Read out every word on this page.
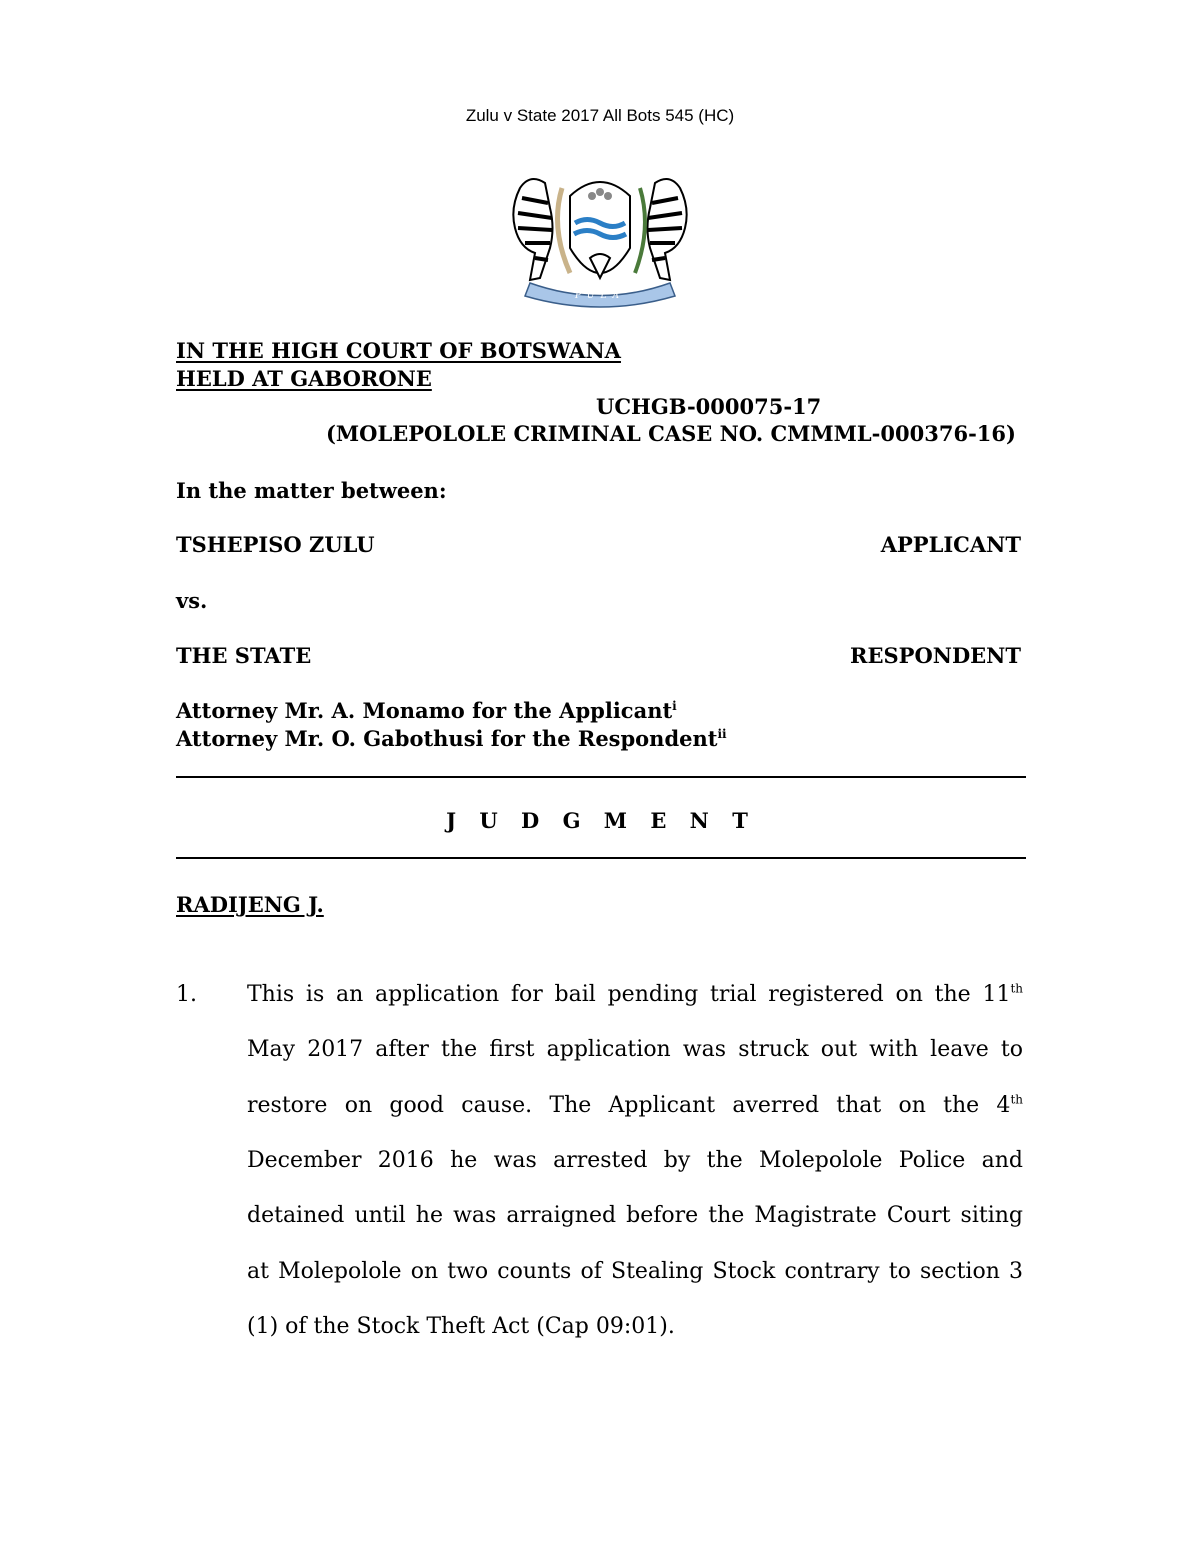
Zulu v State 2017 All Bots 545 (HC)
PULA
IN THE HIGH COURT OF BOTSWANA
HELD AT GABORONE
UCHGB-000075-17
(MOLEPOLOLE CRIMINAL CASE NO. CMMML-000376-16)
In the matter between:
TSHEPISO ZULU	APPLICANT
vs.
THE STATE	RESPONDENT
Attorney Mr. A. Monamo for the Applicant$^i$
Attorney Mr. O. Gabothusi for the Respondent$^{ii}$
J U D G M E N T
RADIJENG J.
1. This is an application for bail pending trial registered on the 11th
May 2017 after the first application was struck out with leave to
restore on good cause. The Applicant averred that on the 4th
December 2016 he was arrested by the Molepolole Police and
detained until he was arraigned before the Magistrate Court siting
at Molepolole on two counts of Stealing Stock contrary to section 3
(1) of the Stock Theft Act (Cap 09:01).
